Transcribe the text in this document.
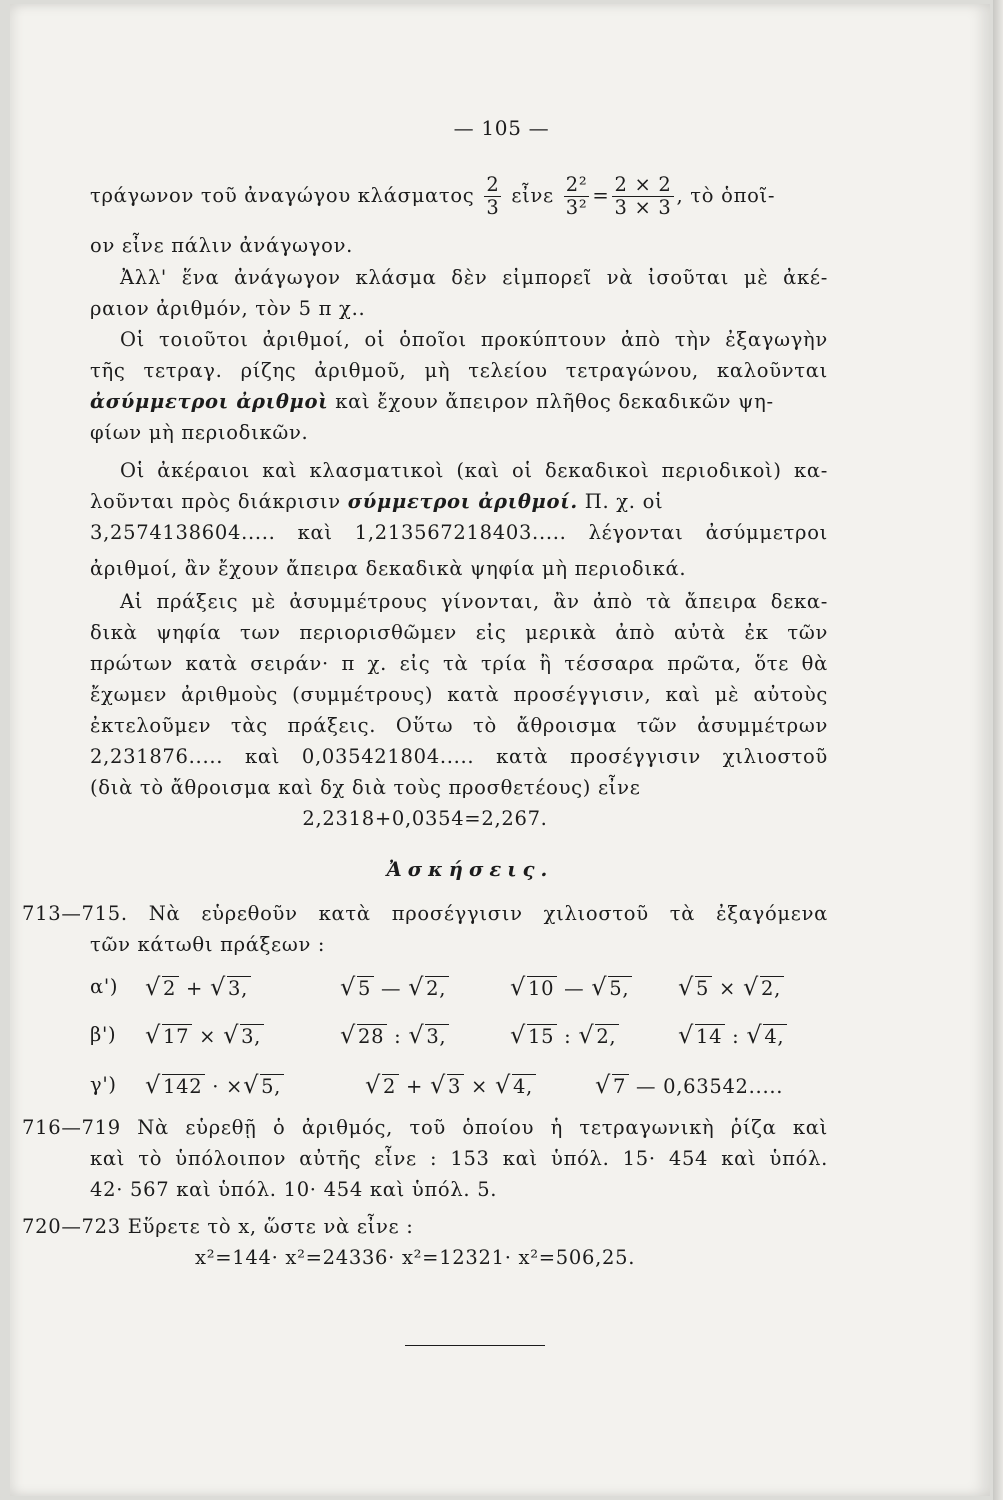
— 105 —
τράγωνον τοῦ ἀναγώγου κλάσματος $\frac{2}{3}$ εἶνε $\frac{\text{2²}}{\text{3²}} = \frac{2 \times 2}{3 \times 3}$ , τὸ ὁποῖ-
ον εἶνε πάλιν ἀνάγωγον.
Ἀλλ' ἕνα ἀνάγωγον κλάσμα δὲν εἰμπορεῖ νὰ ἰσοῦται μὲ ἀκέ-
ραιον ἀριθμόν, τὸν 5 π χ..
Οἱ τοιοῦτοι ἀριθμοί, οἱ ὁποῖοι προκύπτουν ἀπὸ τὴν ἐξαγωγὴν
τῆς τετραγ. ρίζης ἀριθμοῦ, μὴ τελείου τετραγώνου, καλοῦνται
ἀσύμμετροι ἀριθμοὶ καὶ ἔχουν ἄπειρον πλῆθος δεκαδικῶν ψη-
φίων μὴ περιοδικῶν.
Οἱ ἀκέραιοι καὶ κλασματικοὶ (καὶ οἱ δεκαδικοὶ περιοδικοὶ) κα-
λοῦνται πρὸς διάκρισιν σύμμετροι ἀριθμοί. Π. χ. οἱ
3,2574138604..... καὶ 1,213567218403..... λέγονται ἀσύμμετροι
ἀριθμοί, ἂν ἔχουν ἄπειρα δεκαδικὰ ψηφία μὴ περιοδικά.
Αἱ πράξεις μὲ ἀσυμμέτρους γίνονται, ἂν ἀπὸ τὰ ἄπειρα δεκα-
δικὰ ψηφία των περιορισθῶμεν εἰς μερικὰ ἀπὸ αὐτὰ ἐκ τῶν
πρώτων κατὰ σειράν· π χ. εἰς τὰ τρία ἢ τέσσαρα πρῶτα, ὅτε θὰ
ἔχωμεν ἀριθμοὺς (συμμέτρους) κατὰ προσέγγισιν, καὶ μὲ αὐτοὺς
ἐκτελοῦμεν τὰς πράξεις. Οὕτω τὸ ἄθροισμα τῶν ἀσυμμέτρων
2,231876..... καὶ 0,035421804..... κατὰ προσέγγισιν χιλιοστοῦ
(διὰ τὸ ἄθροισμα καὶ δχ διὰ τοὺς προσθετέους) εἶνε
2,2318+0,0354=2,267.
Ἀσκήσεις.
713—715. Νὰ εὑρεθοῦν κατὰ προσέγγισιν χιλιοστοῦ τὰ ἐξαγόμενα
τῶν κάτωθι πράξεων :
α') √ 2 + √ 3,	√ 5 — √ 2,	√ 10 — √ 5, √ 5 × √ 2,
β') √ 17 × √ 3,	√ 28 : √ 3,	√ 15 : √ 2,	√ 14 : √ 4,
γ') √ 142 · ×√ 5,	√ 2 + √ 3 × √ 4,	√ 7 — 0,63542.....
716—719 Νὰ εὑρεθῇ ὁ ἀριθμός, τοῦ ὁποίου ἡ τετραγωνικὴ ῥίζα καὶ
καὶ τὸ ὑπόλοιπον αὐτῆς εἶνε : 153 καὶ ὑπόλ. 15· 454 καὶ ὑπόλ.
42· 567 καὶ ὑπόλ. 10· 454 καὶ ὑπόλ. 5.
720—723 Εὕρετε τὸ x, ὥστε νὰ εἶνε :
x²=144· x²=24336· x²=12321· x²=506,25.
